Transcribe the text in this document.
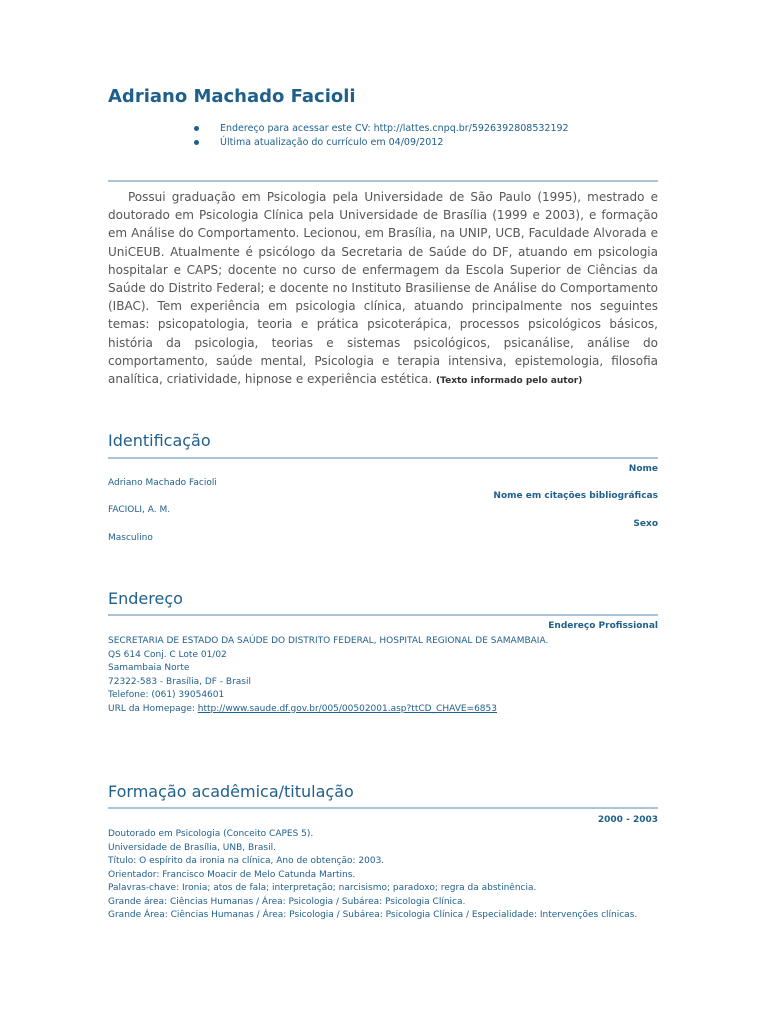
Adriano Machado Facioli
Endereço para acessar este CV: http://lattes.cnpq.br/5926392808532192
Última atualização do currículo em 04/09/2012
Possui graduação em Psicologia pela Universidade de São Paulo (1995), mestrado e doutorado em Psicologia Clínica pela Universidade de Brasília (1999 e 2003), e formação em Análise do Comportamento. Lecionou, em Brasília, na UNIP, UCB, Faculdade Alvorada e UniCEUB. Atualmente é psicólogo da Secretaria de Saúde do DF, atuando em psicologia hospitalar e CAPS; docente no curso de enfermagem da Escola Superior de Ciências da Saúde do Distrito Federal; e docente no Instituto Brasiliense de Análise do Comportamento (IBAC). Tem experiência em psicologia clínica, atuando principalmente nos seguintes temas: psicopatologia, teoria e prática psicoterápica, processos psicológicos básicos, história da psicologia, teorias e sistemas psicológicos, psicanálise, análise do comportamento, saúde mental, Psicologia e terapia intensiva, epistemologia, filosofia analítica, criatividade, hipnose e experiência estética. (Texto informado pelo autor)
Identificação
Nome
Adriano Machado Facioli
Nome em citações bibliográficas
FACIOLI, A. M.
Sexo
Masculino
Endereço
Endereço Profissional
SECRETARIA DE ESTADO DA SAÚDE DO DISTRITO FEDERAL, HOSPITAL REGIONAL DE SAMAMBAIA.
QS 614 Conj. C Lote 01/02
Samambaia Norte
72322-583 - Brasília, DF - Brasil
Telefone: (061) 39054601
URL da Homepage: http://www.saude.df.gov.br/005/00502001.asp?ttCD_CHAVE=6853
Formação acadêmica/titulação
2000 - 2003
Doutorado em Psicologia (Conceito CAPES 5).
Universidade de Brasília, UNB, Brasil.
Título: O espírito da ironia na clínica, Ano de obtenção: 2003.
Orientador: Francisco Moacir de Melo Catunda Martins.
Palavras-chave: Ironia; atos de fala; interpretação; narcisismo; paradoxo; regra da abstinência.
Grande área: Ciências Humanas / Área: Psicologia / Subárea: Psicologia Clínica.
Grande Área: Ciências Humanas / Área: Psicologia / Subárea: Psicologia Clínica / Especialidade: Intervenções clínicas.
